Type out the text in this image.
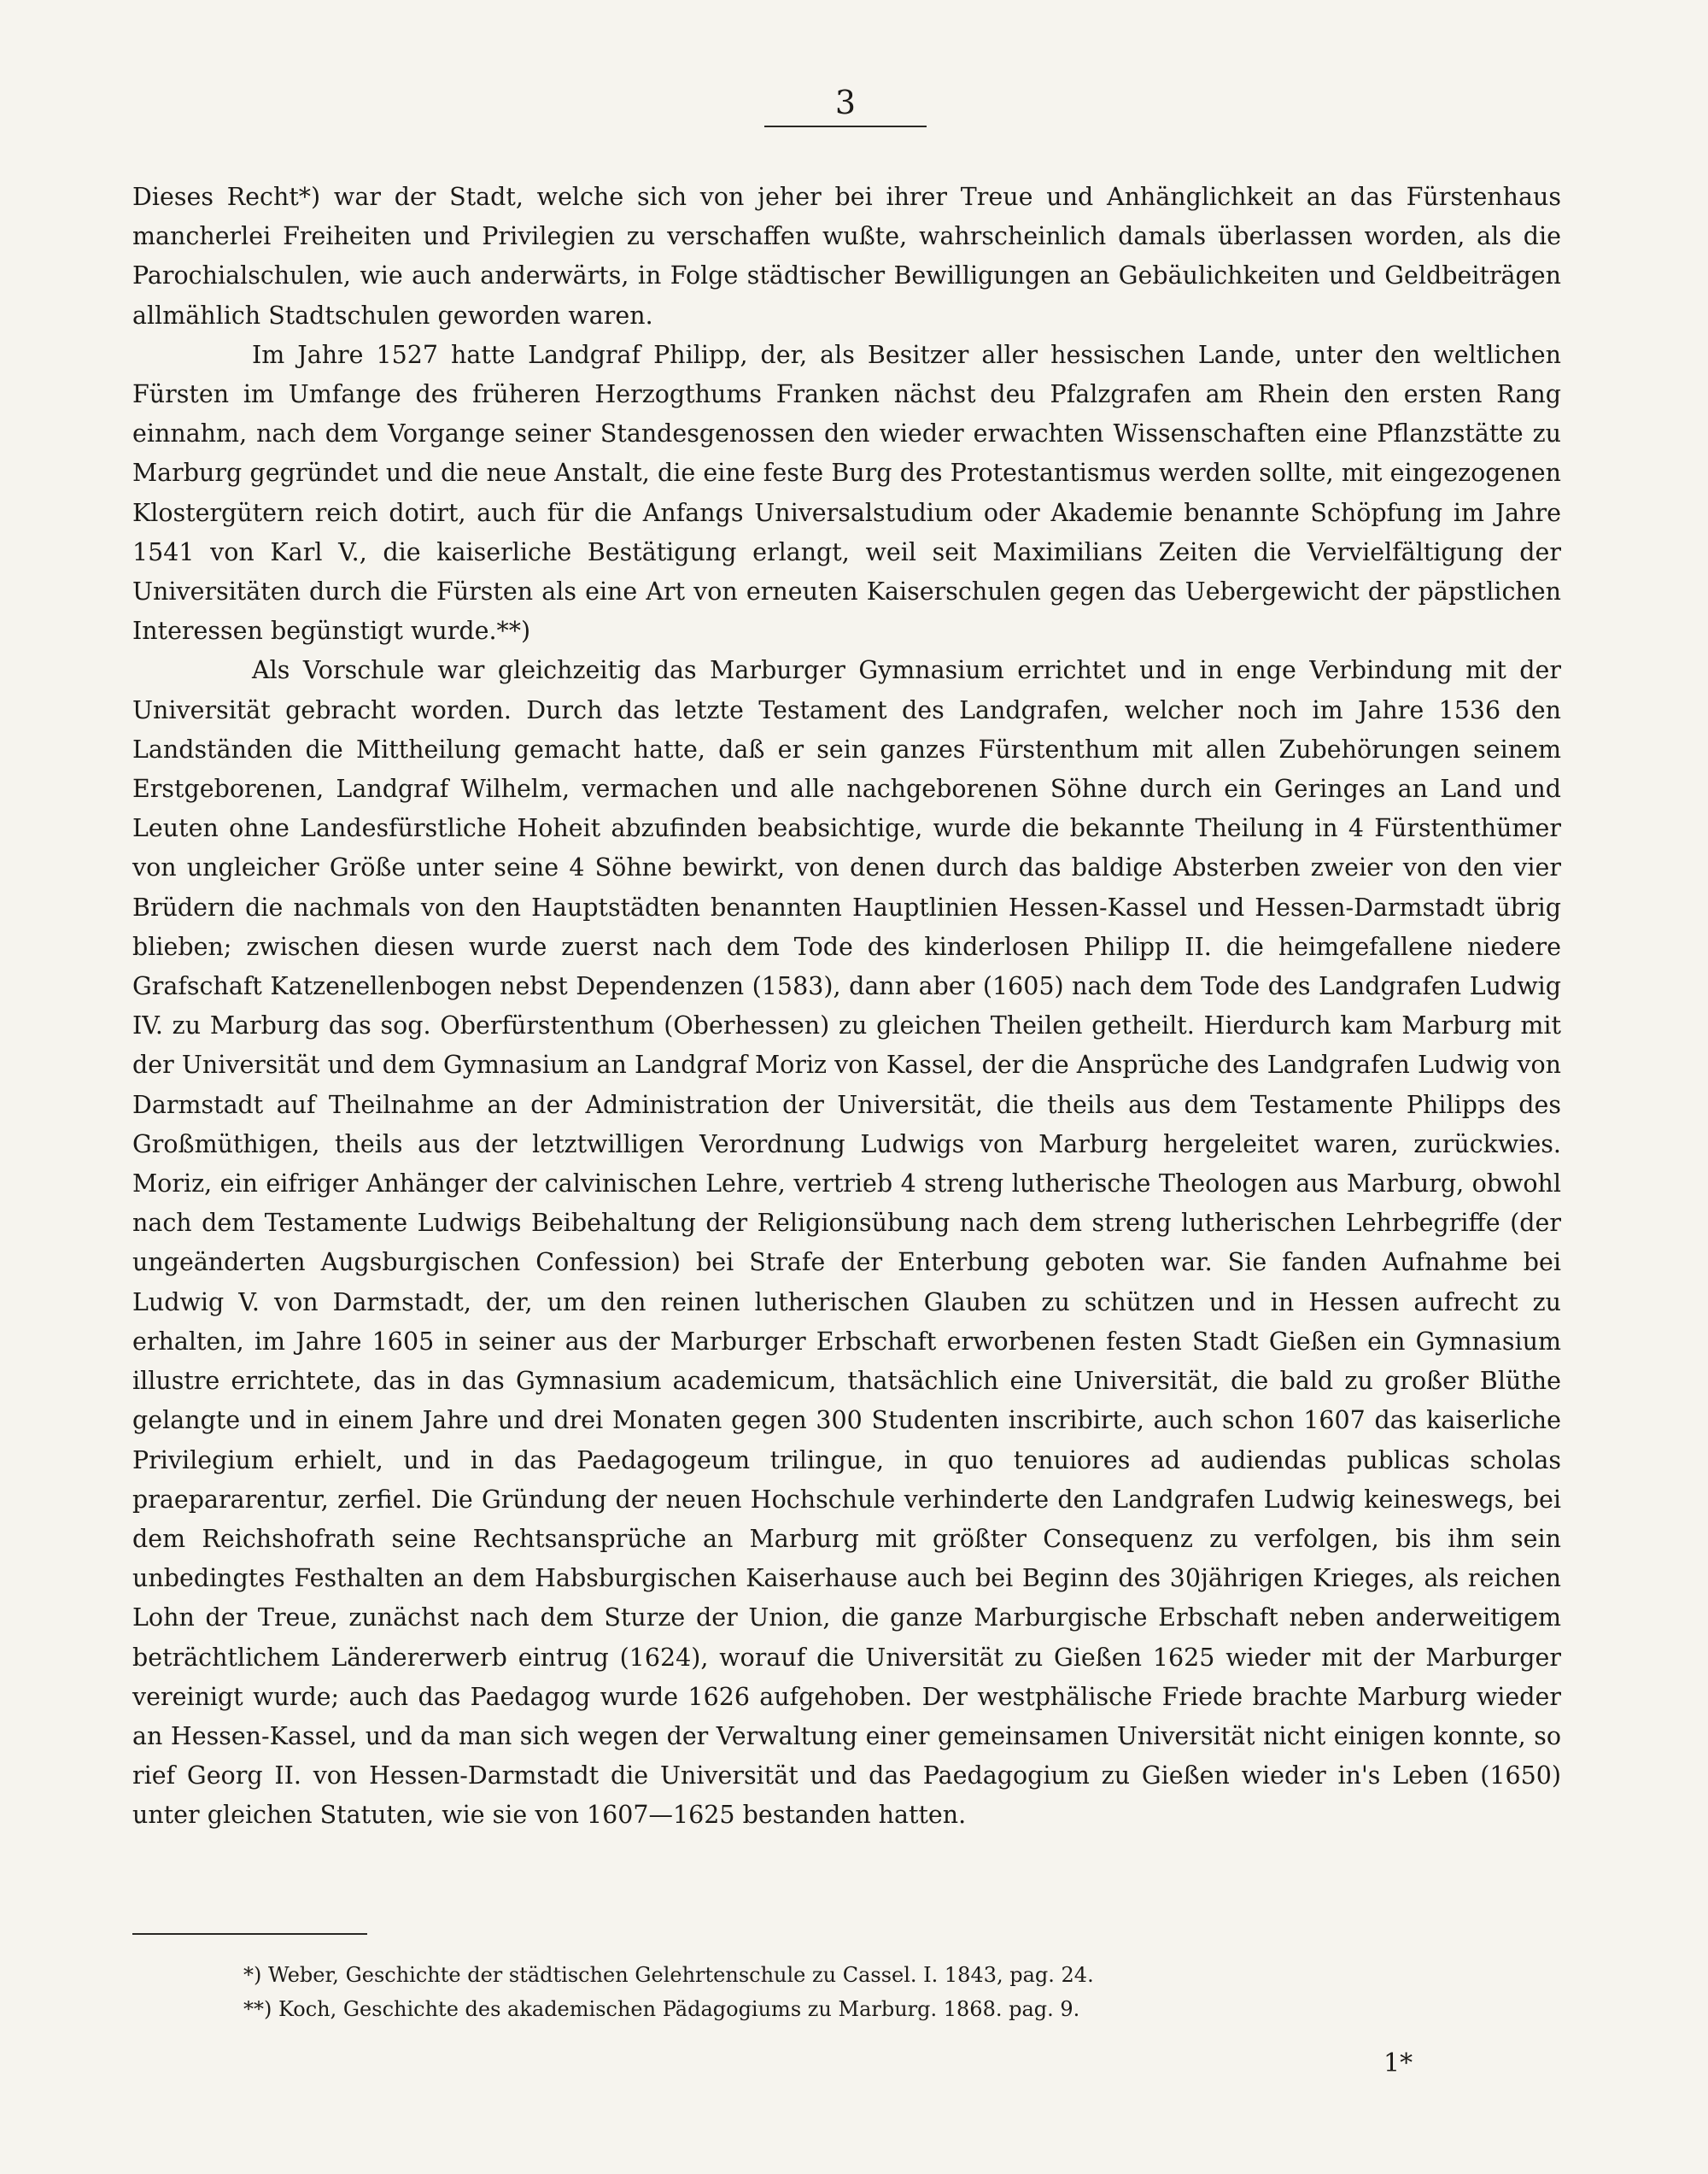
3

Dieses Recht*) war der Stadt, welche sich von jeher bei ihrer Treue und Anhänglichkeit an das Fürstenhaus mancherlei Freiheiten und Privilegien zu verschaffen wußte, wahrscheinlich damals überlassen worden, als die Parochialschulen, wie auch anderwärts, in Folge städtischer Bewilligungen an Gebäulichkeiten und Geldbeiträgen allmählich Stadtschulen geworden waren.

Im Jahre 1527 hatte Landgraf Philipp, der, als Besitzer aller hessischen Lande, unter den weltlichen Fürsten im Umfange des früheren Herzogthums Franken nächst deu Pfalzgrafen am Rhein den ersten Rang einnahm, nach dem Vorgange seiner Standesgenossen den wieder erwachten Wissenschaften eine Pflanzstätte zu Marburg gegründet und die neue Anstalt, die eine feste Burg des Protestantismus werden sollte, mit eingezogenen Klostergütern reich dotirt, auch für die Anfangs Universalstudium oder Akademie benannte Schöpfung im Jahre 1541 von Karl V., die kaiserliche Bestätigung erlangt, weil seit Maximilians Zeiten die Vervielfältigung der Universitäten durch die Fürsten als eine Art von erneuten Kaiserschulen gegen das Uebergewicht der päpstlichen Interessen begünstigt wurde.**)

Als Vorschule war gleichzeitig das Marburger Gymnasium errichtet und in enge Verbindung mit der Universität gebracht worden. Durch das letzte Testament des Landgrafen, welcher noch im Jahre 1536 den Landständen die Mittheilung gemacht hatte, daß er sein ganzes Fürstenthum mit allen Zubehörungen seinem Erstgeborenen, Landgraf Wilhelm, vermachen und alle nachgeborenen Söhne durch ein Geringes an Land und Leuten ohne Landesfürstliche Hoheit abzufinden beabsichtige, wurde die bekannte Theilung in 4 Fürstenthümer von ungleicher Größe unter seine 4 Söhne bewirkt, von denen durch das baldige Absterben zweier von den vier Brüdern die nachmals von den Hauptstädten benannten Hauptlinien Hessen-Kassel und Hessen-Darmstadt übrig blieben; zwischen diesen wurde zuerst nach dem Tode des kinderlosen Philipp II. die heimgefallene niedere Grafschaft Katzenellenbogen nebst Dependenzen (1583), dann aber (1605) nach dem Tode des Landgrafen Ludwig IV. zu Marburg das sog. Oberfürstenthum (Oberhessen) zu gleichen Theilen getheilt. Hierdurch kam Marburg mit der Universität und dem Gymnasium an Landgraf Moriz von Kassel, der die Ansprüche des Landgrafen Ludwig von Darmstadt auf Theilnahme an der Administration der Universität, die theils aus dem Testamente Philipps des Großmüthigen, theils aus der letztwilligen Verordnung Ludwigs von Marburg hergeleitet waren, zurückwies. Moriz, ein eifriger Anhänger der calvinischen Lehre, vertrieb 4 streng lutherische Theologen aus Marburg, obwohl nach dem Testamente Ludwigs Beibehaltung der Religionsübung nach dem streng lutherischen Lehrbegriffe (der ungeänderten Augsburgischen Confession) bei Strafe der Enterbung geboten war. Sie fanden Aufnahme bei Ludwig V. von Darmstadt, der, um den reinen lutherischen Glauben zu schützen und in Hessen aufrecht zu erhalten, im Jahre 1605 in seiner aus der Marburger Erbschaft erworbenen festen Stadt Gießen ein Gymnasium illustre errichtete, das in das Gymnasium academicum, thatsächlich eine Universität, die bald zu großer Blüthe gelangte und in einem Jahre und drei Monaten gegen 300 Studenten inscribirte, auch schon 1607 das kaiserliche Privilegium erhielt, und in das Paedagogeum trilingue, in quo tenuiores ad audiendas publicas scholas praepararentur, zerfiel. Die Gründung der neuen Hochschule verhinderte den Landgrafen Ludwig keineswegs, bei dem Reichshofrath seine Rechtsansprüche an Marburg mit größter Consequenz zu verfolgen, bis ihm sein unbedingtes Festhalten an dem Habsburgischen Kaiserhause auch bei Beginn des 30jährigen Krieges, als reichen Lohn der Treue, zunächst nach dem Sturze der Union, die ganze Marburgische Erbschaft neben anderweitigem beträchtlichem Ländererwerb eintrug (1624), worauf die Universität zu Gießen 1625 wieder mit der Marburger vereinigt wurde; auch das Paedagog wurde 1626 aufgehoben. Der westphälische Friede brachte Marburg wieder an Hessen-Kassel, und da man sich wegen der Verwaltung einer gemeinsamen Universität nicht einigen konnte, so rief Georg II. von Hessen-Darmstadt die Universität und das Paedagogium zu Gießen wieder in's Leben (1650) unter gleichen Statuten, wie sie von 1607—1625 bestanden hatten.

*) Weber, Geschichte der städtischen Gelehrtenschule zu Cassel. I. 1843, pag. 24.

**) Koch, Geschichte des akademischen Pädagogiums zu Marburg. 1868. pag. 9.

1*
